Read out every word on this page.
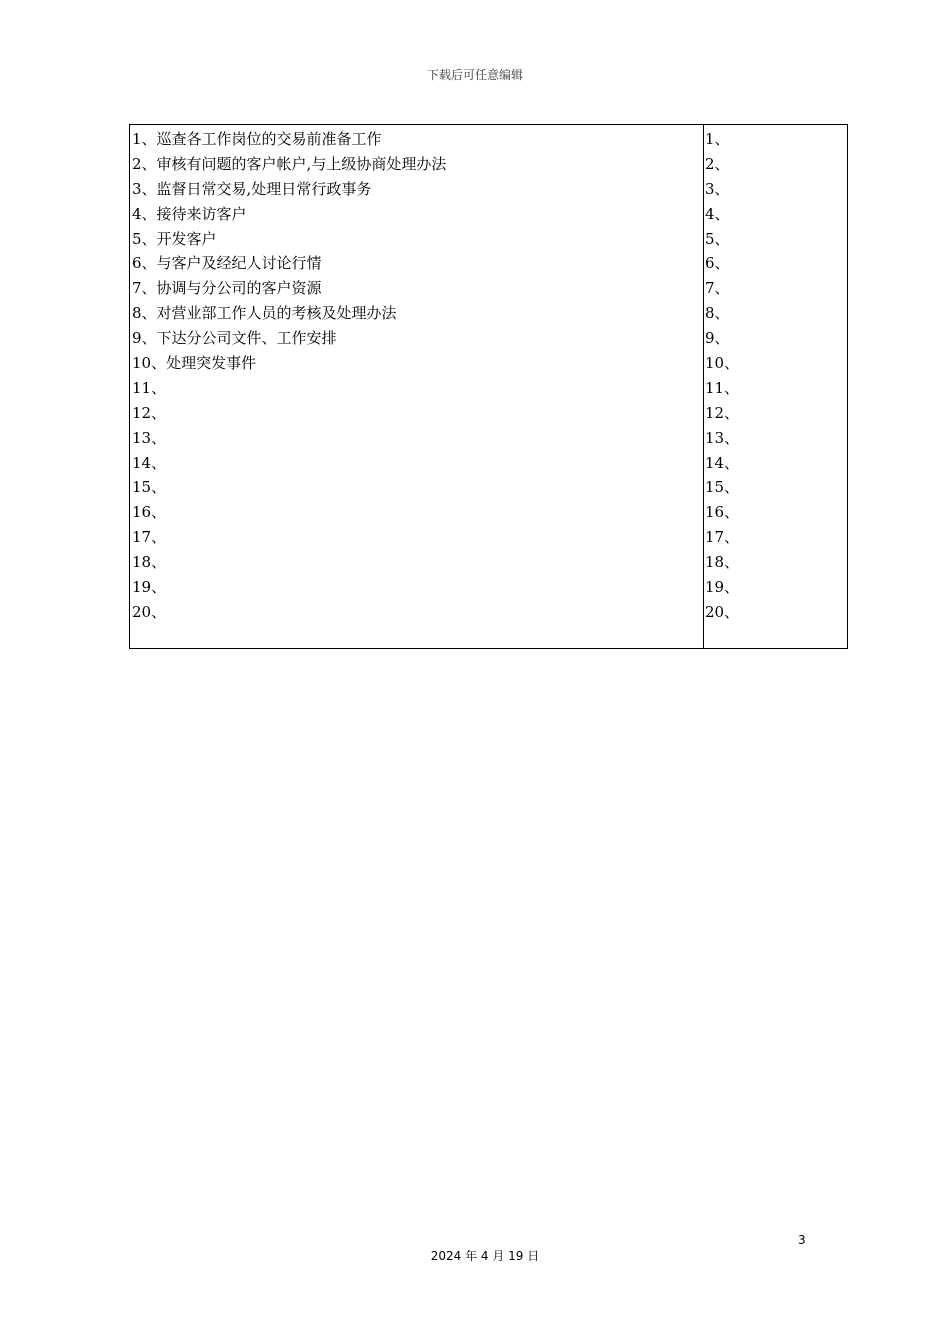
下载后可任意编辑
1、巡查各工作岗位的交易前准备工作
2、审核有问题的客户帐户,与上级协商处理办法
3、监督日常交易,处理日常行政事务
4、接待来访客户
5、开发客户
6、与客户及经纪人讨论行情
7、协调与分公司的客户资源
8、对营业部工作人员的考核及处理办法
9、下达分公司文件、工作安排
10、处理突发事件
11、
12、
13、
14、
15、
16、
17、
18、
19、
20、
1、
2、
3、
4、
5、
6、
7、
8、
9、
10、
11、
12、
13、
14、
15、
16、
17、
18、
19、
20、
3
2024 年 4 月 19 日
